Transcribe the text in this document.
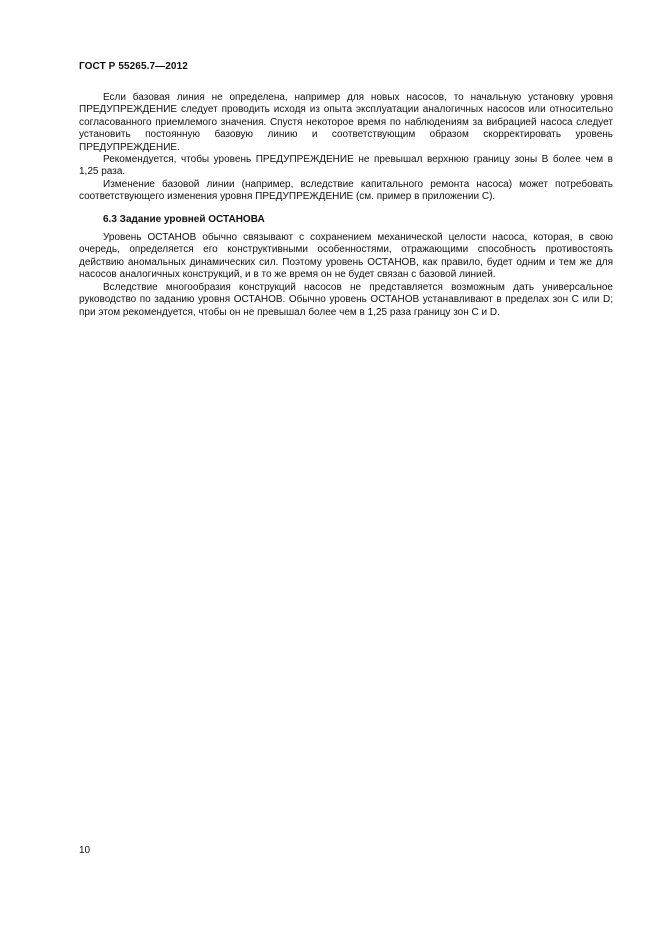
ГОСТ Р 55265.7—2012

Если базовая линия не определена, например для новых насосов, то начальную установку уровня ПРЕДУПРЕЖДЕНИЕ следует проводить исходя из опыта эксплуатации аналогичных насосов или относительно согласованного приемлемого значения. Спустя некоторое время по наблюдениям за вибрацией насоса следует установить постоянную базовую линию и соответствующим образом скорректировать уровень ПРЕДУПРЕЖДЕНИЕ.

Рекомендуется, чтобы уровень ПРЕДУПРЕЖДЕНИЕ не превышал верхнюю границу зоны В более чем в 1,25 раза.

Изменение базовой линии (например, вследствие капитального ремонта насоса) может потребовать соответствующего изменения уровня ПРЕДУПРЕЖДЕНИЕ (см. пример в приложении С).

6.3 Задание уровней ОСТАНОВА

Уровень ОСТАНОВ обычно связывают с сохранением механической целости насоса, которая, в свою очередь, определяется его конструктивными особенностями, отражающими способность противостоять действию аномальных динамических сил. Поэтому уровень ОСТАНОВ, как правило, будет одним и тем же для насосов аналогичных конструкций, и в то же время он не будет связан с базовой линией.

Вследствие многообразия конструкций насосов не представляется возможным дать универсальное руководство по заданию уровня ОСТАНОВ. Обычно уровень ОСТАНОВ устанавливают в пределах зон С или D; при этом рекомендуется, чтобы он не превышал более чем в 1,25 раза границу зон С и D.

10
